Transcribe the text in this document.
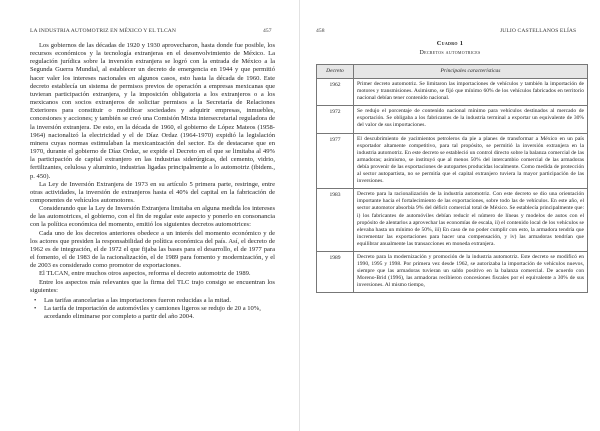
LA INDUSTRIA AUTOMOTRIZ EN MÉXICO Y EL TLCAN	457

Los gobiernos de las décadas de 1920 y 1930 aprovecharon, hasta donde fue posible, los recursos económicos y la tecnología extranjeras en el desenvolvimiento de México. La regulación jurídica sobre la inversión extranjera se logró con la entrada de México a la Segunda Guerra Mundial, al establecer un decreto de emergencia en 1944 y que permitió hacer valer los intereses nacionales en algunos casos, esto hasta la década de 1960. Este decreto establecía un sistema de permisos previos de operación a empresas mexicanas que tuvieran participación extranjera, y la imposición obligatoria a los extranjeros o a los mexicanos con socios extranjeros de solicitar permisos a la Secretaría de Relaciones Exteriores para constituir o modificar sociedades y adquirir empresas, inmuebles, concesiones y acciones; y también se creó una Comisión Mixta intersecretarial reguladora de la inversión extranjera. De esto, en la década de 1960, el gobierno de López Mateos (1958-1964) nacionalizó la electricidad y el de Díaz Ordaz (1964-1970) expidió la legislación minera cuyas normas estimulaban la mexicanización del sector. Es de destacarse que en 1970, durante el gobierno de Díaz Ordaz, se expide el Decreto en el que se limitaba al 49% la participación de capital extranjero en las industrias siderúrgicas, del cemento, vidrio, fertilizantes, celulosa y aluminio, industrias ligadas principalmente a lo automotriz (ibidem., p. 450).

La Ley de Inversión Extranjera de 1973 en su artículo 5 primera parte, restringe, entre otras actividades, la inversión de extranjeros hasta el 40% del capital en la fabricación de componentes de vehículos automotores.

Considerando que la Ley de Inversión Extranjera limitaba en alguna medida los intereses de las automotrices, el gobierno, con el fin de regular este aspecto y ponerlo en consonancia con la política económica del momento, emitió los siguientes decretos automotrices:

Cada uno de los decretos anteriores obedece a un interés del momento económico y de los actores que presiden la responsabilidad de política económica del país. Así, el decreto de 1962 es de integración, el de 1972 el que fijaba las bases para el desarrollo, el de 1977 para el fomento, el de 1983 de la racionalización, el de 1989 para fomento y modernización, y el de 2003 es considerado como promotor de exportaciones.

El TLCAN, entre muchos otros aspectos, reforma el decreto automotriz de 1989.

Entre los aspectos más relevantes que la firma del TLC trajo consigo se encuentran los siguientes:

• Las tarifas arancelarias a las importaciones fueron reducidas a la mitad.
• La tarifa de importación de automóviles y camiones ligeros se redujo de 20 a 10%, acordando eliminarse por completo a partir del año 2004.
458	JULIO CASTELLANOS ELÍAS
Cuadro 1
Decretos automotrices
Decreto	Principales características
1962	Primer decreto automotriz. Se limitaron las importaciones de vehículos y también la importación de motores y transmisiones. Asimismo, se fijó que mínimo 60% de los vehículos fabricados en territorio nacional debían tener contenido nacional.
1972	Se redujo el porcentaje de contenido nacional mínimo para vehículos destinados al mercado de exportación. Se obligaba a los fabricantes de la industria terminal a exportar un equivalente de 30% del valor de sus importaciones.
1977	El descubrimiento de yacimientos petroleros da pie a planes de transformar a México en un país exportador altamente competitivo, para tal propósito, se permitió la inversión extranjera en la industria automotriz. En este decreto se estableció un control directo sobre la balanza comercial de las armadoras; asimismo, se instituyó que al menos 50% del intercambio comercial de las armadoras debía provenir de las exportaciones de autopartes producidas localmente. Como medida de protección al sector autopartista, no se permitía que el capital extranjero tuviera la mayor participación de las inversiones.
1983	Decreto para la racionalización de la industria automotriz. Con este decreto se dio una orientación importante hacia el fortalecimiento de las exportaciones, sobre todo las de vehículos. En este año, el sector automotor absorbía 9% del déficit comercial total de México. Se establecía principalmente que: i) los fabricantes de automóviles debían reducir el número de líneas y modelos de autos con el propósito de alentarlos a aprovechar las economías de escala, ii) el contenido local de los vehículos se elevaba hasta un mínimo de 50%, iii) En caso de no poder cumplir con esto, la armadora tendría que incrementar las exportaciones para hacer una compensación, y iv) las armadoras tendrían que equilibrar anualmente las transacciones en moneda extranjera.
1989	Decreto para la modernización y promoción de la industria automotriz. Este decreto se modificó en 1990, 1995 y 1998. Por primera vez desde 1962, se autorizaba la importación de vehículos nuevos, siempre que las armadoras tuvieran un saldo positivo en la balanza comercial. De acuerdo con Moreno-Brid (1996), las armadoras recibieron concesiones fiscales por el equivalente a 30% de sus inversiones. Al mismo tiempo,
